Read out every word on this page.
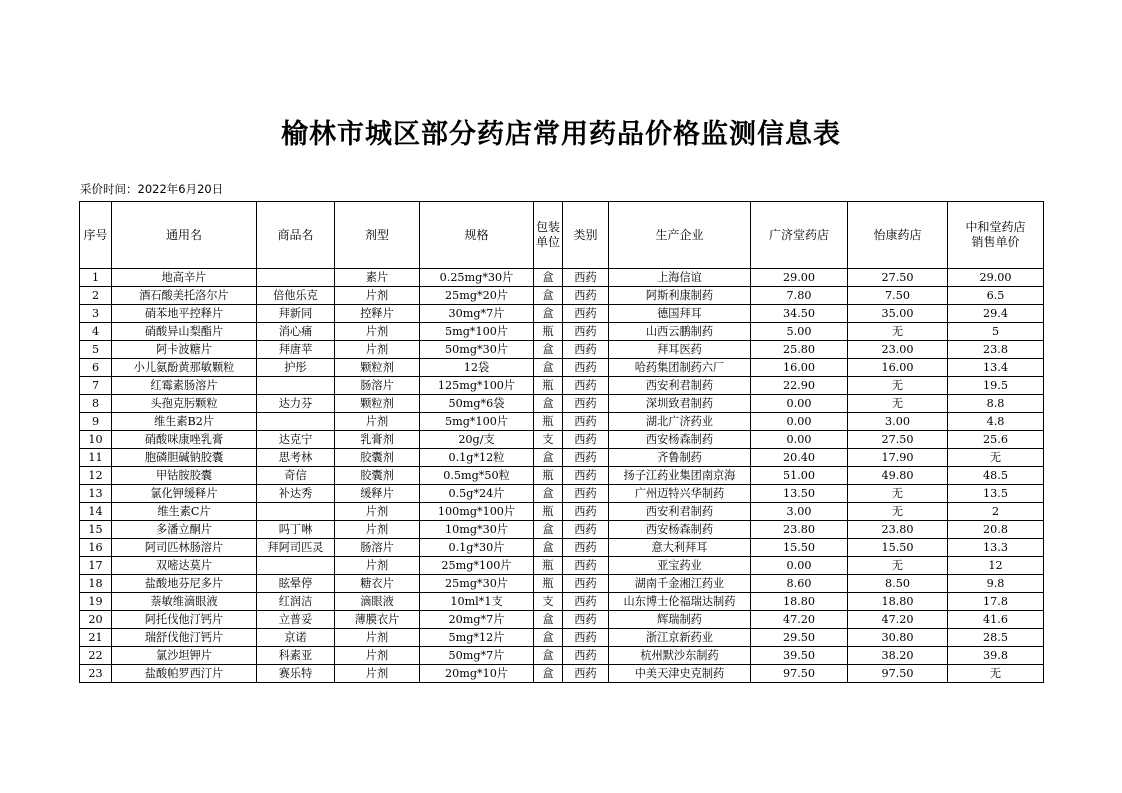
榆林市城区部分药店常用药品价格监测信息表
采价时间：2022年6月20日
序号	通用名	商品名	剂型	规格	包装
单位	类别	生产企业	广济堂药店	怡康药店	中和堂药店
销售单价

1	地高辛片		素片	0.25mg*30片	盒	西药	上海信谊	29.00	27.50	29.00
2	酒石酸美托洛尔片	倍他乐克	片剂	25mg*20片	盒	西药	阿斯利康制药	7.80	7.50	6.5
3	硝苯地平控释片	拜新同	控释片	30mg*7片	盒	西药	德国拜耳	34.50	35.00	29.4
4	硝酸异山梨酯片	消心痛	片剂	5mg*100片	瓶	西药	山西云鹏制药	5.00	无	5
5	阿卡波糖片	拜唐苹	片剂	50mg*30片	盒	西药	拜耳医药	25.80	23.00	23.8
6	小儿氨酚黄那敏颗粒	护彤	颗粒剂	12袋	盒	西药	哈药集团制药六厂	16.00	16.00	13.4
7	红霉素肠溶片		肠溶片	125mg*100片	瓶	西药	西安利君制药	22.90	无	19.5
8	头孢克肟颗粒	达力芬	颗粒剂	50mg*6袋	盒	西药	深圳致君制药	0.00	无	8.8
9	维生素B2片		片剂	5mg*100片	瓶	西药	湖北广济药业	0.00	3.00	4.8
10	硝酸咪康唑乳膏	达克宁	乳膏剂	20g/支	支	西药	西安杨森制药	0.00	27.50	25.6
11	胞磷胆碱钠胶囊	思考林	胶囊剂	0.1g*12粒	盒	西药	齐鲁制药	20.40	17.90	无
12	甲钴胺胶囊	奇信	胶囊剂	0.5mg*50粒	瓶	西药	扬子江药业集团南京海	51.00	49.80	48.5
13	氯化钾缓释片	补达秀	缓释片	0.5g*24片	盒	西药	广州迈特兴华制药	13.50	无	13.5
14	维生素C片		片剂	100mg*100片	瓶	西药	西安利君制药	3.00	无	2
15	多潘立酮片	吗丁啉	片剂	10mg*30片	盒	西药	西安杨森制药	23.80	23.80	20.8
16	阿司匹林肠溶片	拜阿司匹灵	肠溶片	0.1g*30片	盒	西药	意大利拜耳	15.50	15.50	13.3
17	双嘧达莫片		片剂	25mg*100片	瓶	西药	亚宝药业	0.00	无	12
18	盐酸地芬尼多片	眩晕停	糖衣片	25mg*30片	瓶	西药	湖南千金湘江药业	8.60	8.50	9.8
19	萘敏维滴眼液	红润洁	滴眼液	10ml*1支	支	西药	山东博士伦福瑞达制药	18.80	18.80	17.8
20	阿托伐他汀钙片	立普妥	薄膜衣片	20mg*7片	盒	西药	辉瑞制药	47.20	47.20	41.6
21	瑞舒伐他汀钙片	京诺	片剂	5mg*12片	盒	西药	浙江京新药业	29.50	30.80	28.5
22	氯沙坦钾片	科素亚	片剂	50mg*7片	盒	西药	杭州默沙东制药	39.50	38.20	39.8
23	盐酸帕罗西汀片	赛乐特	片剂	20mg*10片	盒	西药	中美天津史克制药	97.50	97.50	无
